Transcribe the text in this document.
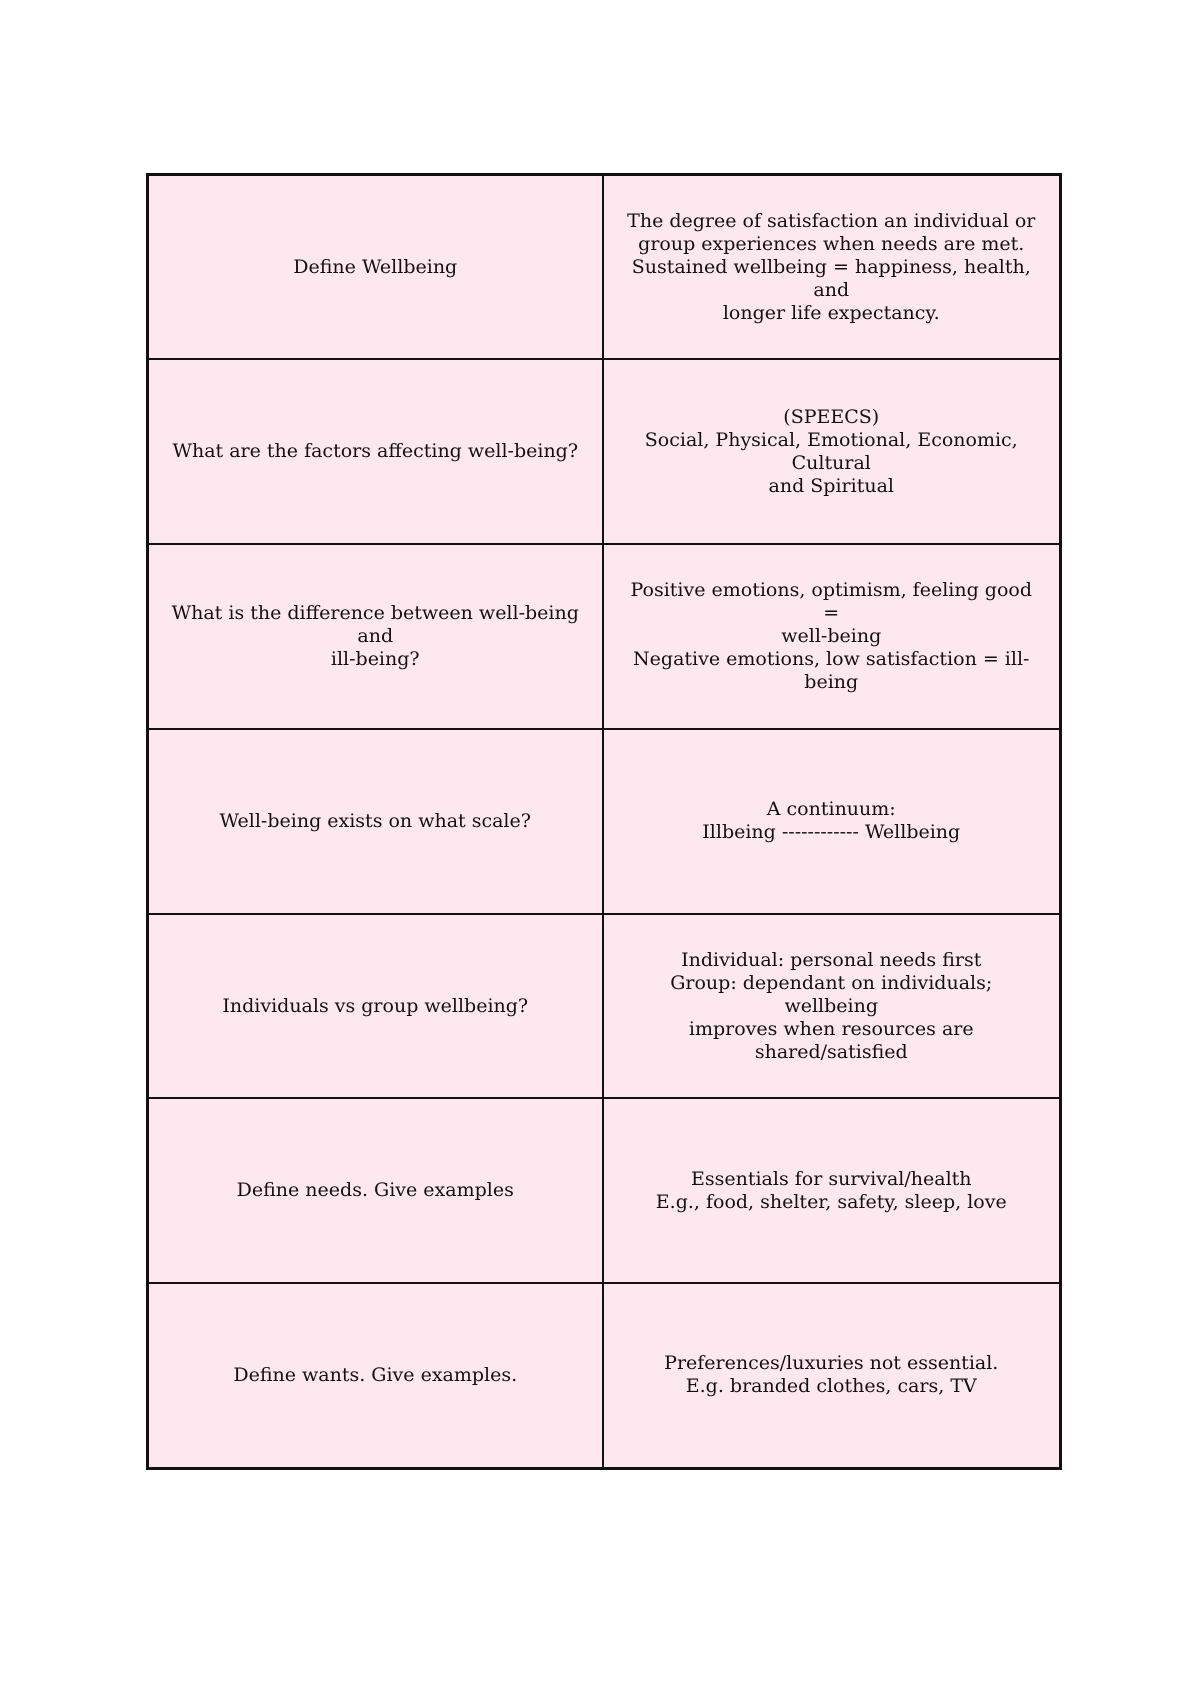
Define Wellbeing	The degree of satisfaction an individual or
group experiences when needs are met.
Sustained wellbeing = happiness, health, and
longer life expectancy.
What are the factors affecting well-being?	(SPEECS)
Social, Physical, Emotional, Economic, Cultural
and Spiritual
What is the difference between well-being and
ill-being?	Positive emotions, optimism, feeling good =
well-being
Negative emotions, low satisfaction = ill-being
Well-being exists on what scale?	A continuum:
Illbeing ------------ Wellbeing
Individuals vs group wellbeing?	Individual: personal needs first
Group: dependant on individuals; wellbeing
improves when resources are shared/satisfied
Define needs. Give examples	Essentials for survival/health
E.g., food, shelter, safety, sleep, love
Define wants. Give examples.	Preferences/luxuries not essential.
E.g. branded clothes, cars, TV
